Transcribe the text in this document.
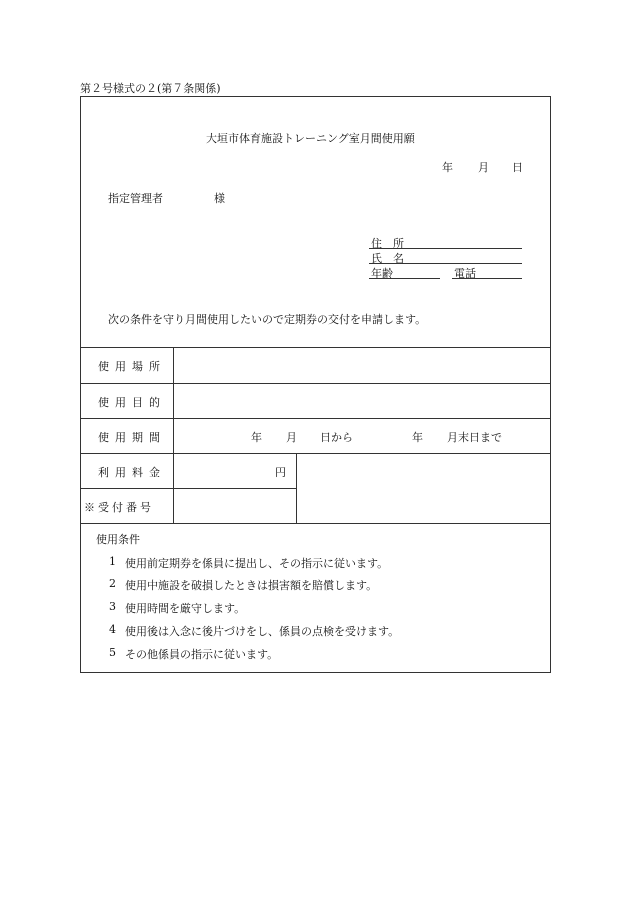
第２号様式の２(第７条関係)
大垣市体育施設トレーニング室月間使用願
年 月 日
指定管理者	様
住　所
氏　名
年齢	電話
次の条件を守り月間使用したいので定期券の交付を申請します。
使用場所
使用目的
使用期間	年 月 日から	年 月末日まで
利用料金	円
※受付番号
使用条件
1 使用前定期券を係員に提出し、その指示に従います。
2 使用中施設を破損したときは損害額を賠償します。
3 使用時間を厳守します。
4 使用後は入念に後片づけをし、係員の点検を受けます。
5 その他係員の指示に従います。
